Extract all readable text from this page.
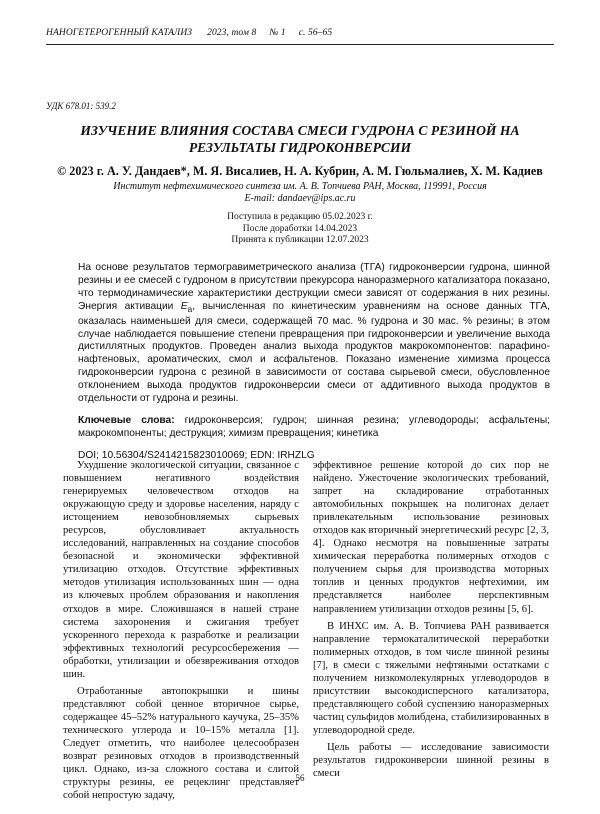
НАНОГЕТЕРОГЕННЫЙ КАТАЛИЗ 2023, том 8 № 1 с. 56–65
УДК 678.01: 539.2
ИЗУЧЕНИЕ ВЛИЯНИЯ СОСТАВА СМЕСИ ГУДРОНА С РЕЗИНОЙ НА РЕЗУЛЬТАТЫ ГИДРОКОНВЕРСИИ
© 2023 г. А. У. Дандаев*, М. Я. Висалиев, Н. А. Кубрин, А. М. Гюльмалиев, Х. М. Кадиев
Институт нефтехимического синтеза им. А. В. Топчиева РАН, Москва, 119991, Россия
E-mail: dandaev@ips.ac.ru
Поступила в редакцию 05.02.2023 г.
После доработки 14.04.2023
Принята к публикации 12.07.2023

На основе результатов термогравиметрического анализа (ТГА) гидроконверсии гудрона, шинной резины и ее смесей с гудроном в присутствии прекурсора наноразмерного катализатора показано, что термодинамические характеристики деструкции смеси зависят от содержания в них резины. Энергия активации $E_a$, вычисленная по кинетическим уравнениям на основе данных ТГА, оказалась наименьшей для смеси, содержащей 70 мас. % гудрона и 30 мас. % резины; в этом случае наблюдается повышение степени превращения при гидроконверсии и увеличение выхода дистиллятных продуктов. Проведен анализ выхода продуктов макрокомпонентов: парафино-нафтеновых, ароматических, смол и асфальтенов. Показано изменение химизма процесса гидроконверсии гудрона с резиной в зависимости от состава сырьевой смеси, обусловленное отклонением выхода продуктов гидроконверсии смеси от аддитивного выхода продуктов в отдельности от гудрона и резины.

Ключевые слова: гидроконверсия; гудрон; шинная резина; углеводороды; асфальтены; макрокомпоненты; деструкция; химизм превращения; кинетика

DOI; 10.56304/S2414215823010069; EDN: IRHZLG

Ухудшение экологической ситуации, связанное с повышением негативного воздействия генерируемых человечеством отходов на окружающую среду и здоровье населения, наряду с истощением невозобновляемых сырьевых ресурсов, обусловливает актуальность исследований, направленных на создание способов безопасной и экономически эффективной утилизацию отходов. Отсутствие эффективных методов утилизация использованных шин — одна из ключевых проблем образования и накопления отходов в мире. Сложившаяся в нашей стране система захоронения и сжигания требует ускоренного перехода к разработке и реализации эффективных технологий ресурсосбережения — обработки, утилизации и обезвреживания отходов шин.

Отработанные автопокрышки и шины представляют собой ценное вторичное сырье, содержащее 45–52% натурального каучука, 25–35% технического углерода и 10–15% металла [1]. Следует отметить, что наиболее целесообразен возврат резиновых отходов в производственный цикл. Однако, из-за сложного состава и слитой структуры резины, ее рецеклинг представляет собой непростую задачу,

эффективное решение которой до сих пор не найдено. Ужесточение экологических требований, запрет на складирование отработанных автомобильных покрышек на полигонах делает привлекательным использование резиновых отходов как вторичный энергетический ресурс [2, 3, 4]. Однако несмотря на повышенные затраты химическая переработка полимерных отходов с получением сырья для производства моторных топлив и ценных продуктов нефтехимии, им представляется наиболее перспективным направлением утилизации отходов резины [5, 6].

В ИНХС им. А. В. Топчиева РАН развивается направление термокаталитической переработки полимерных отходов, в том числе шинной резины [7], в смеси с тяжелыми нефтяными остатками с получением низкомолекулярных углеводородов в присутствии высокодисперсного катализатора, представляющего собой суспензию наноразмерных частиц сульфидов молибдена, стабилизированных в углеводородной среде.

Цель работы — исследование зависимости результатов гидроконверсии шинной резины в смеси

56
